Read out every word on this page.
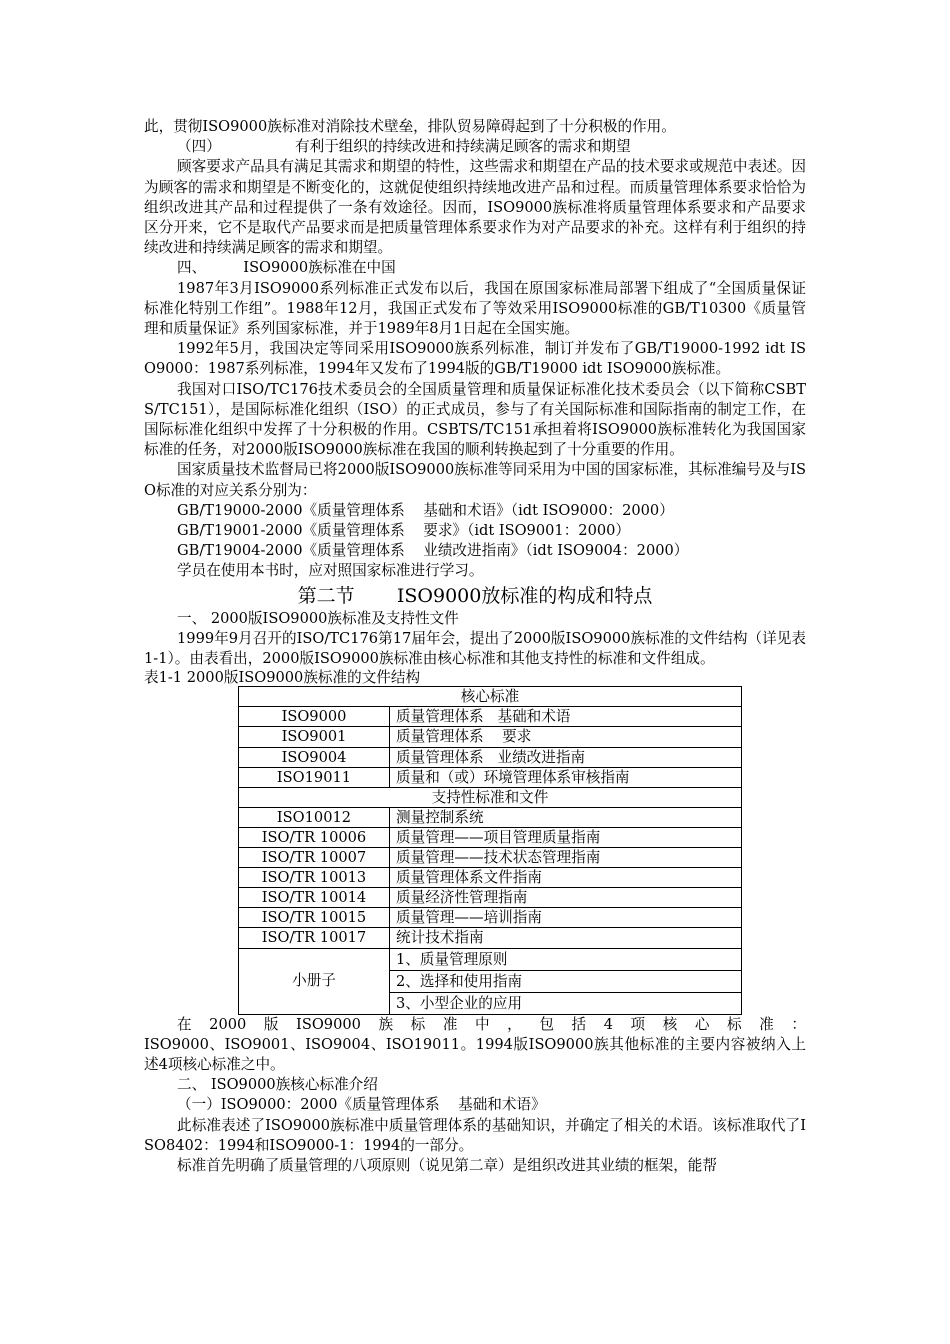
此，贯彻ISO9000族标准对消除技术壁垒，排队贸易障碍起到了十分积极的作用。

（四）                有利于组织的持续改进和持续满足顾客的需求和期望

顾客要求产品具有满足其需求和期望的特性，这些需求和期望在产品的技术要求或规范中表述。因为顾客的需求和期望是不断变化的，这就促使组织持续地改进产品和过程。而质量管理体系要求恰恰为组织改进其产品和过程提供了一条有效途径。因而，ISO9000族标准将质量管理体系要求和产品要求区分开来，它不是取代产品要求而是把质量管理体系要求作为对产品要求的补充。这样有利于组织的持续改进和持续满足顾客的需求和期望。

四、        ISO9000族标准在中国

1987年3月ISO9000系列标准正式发布以后，我国在原国家标准局部署下组成了“全国质量保证标准化特别工作组”。1988年12月，我国正式发布了等效采用ISO9000标准的GB/T10300《质量管理和质量保证》系列国家标准，并于1989年8月1日起在全国实施。

1992年5月，我国决定等同采用ISO9000族系列标准，制订并发布了GB/T19000-1992 idt ISO9000：1987系列标准，1994年又发布了1994版的GB/T19000 idt ISO9000族标准。

我国对口ISO/TC176技术委员会的全国质量管理和质量保证标准化技术委员会（以下简称CSBTS/TC151），是国际标准化组织（ISO）的正式成员，参与了有关国际标准和国际指南的制定工作，在国际标准化组织中发挥了十分积极的作用。CSBTS/TC151承担着将ISO9000族标准转化为我国国家标准的任务，对2000版ISO9000族标准在我国的顺利转换起到了十分重要的作用。

国家质量技术监督局已将2000版ISO9000族标准等同采用为中国的国家标准，其标准编号及与ISO标准的对应关系分别为：

GB/T19000-2000《质量管理体系    基础和术语》（idt ISO9000：2000）

GB/T19001-2000《质量管理体系    要求》（idt ISO9001：2000）

GB/T19004-2000《质量管理体系    业绩改进指南》（idt ISO9004：2000）

学员在使用本书时，应对照国家标准进行学习。

第二节       ISO9000放标准的构成和特点

一、 2000版ISO9000族标准及支持性文件

1999年9月召开的ISO/TC176第17届年会，提出了2000版ISO9000族标准的文件结构（详见表1-1）。由表看出，2000版ISO9000族标准由核心标准和其他支持性的标准和文件组成。

表1-1 2000版ISO9000族标准的文件结构

核心标准	
ISO9000	质量管理体系   基础和术语
ISO9001	质量管理体系    要求
ISO9004	质量管理体系   业绩改进指南
ISO19011	质量和（或）环境管理体系审核指南
支持性标准和文件	
ISO10012	测量控制系统
ISO/TR 10006	质量管理——项目管理质量指南
ISO/TR 10007	质量管理——技术状态管理指南
ISO/TR 10013	质量管理体系文件指南
ISO/TR 10014	质量经济性管理指南
ISO/TR 10015	质量管理——培训指南
ISO/TR 10017	统计技术指南
小册子	1、质量管理原则
	2、选择和使用指南
	3、小型企业的应用

在2000版ISO9000族标准中，包括4项核心标准：

ISO9000、ISO9001、ISO9004、ISO19011。1994版ISO9000族其他标准的主要内容被纳入上述4项核心标准之中。

二、 ISO9000族核心标准介绍

（一）ISO9000：2000《质量管理体系    基础和术语》

此标准表述了ISO9000族标准中质量管理体系的基础知识，并确定了相关的术语。该标准取代了ISO8402：1994和ISO9000-1：1994的一部分。

标准首先明确了质量管理的八项原则（说见第二章）是组织改进其业绩的框架，能帮
